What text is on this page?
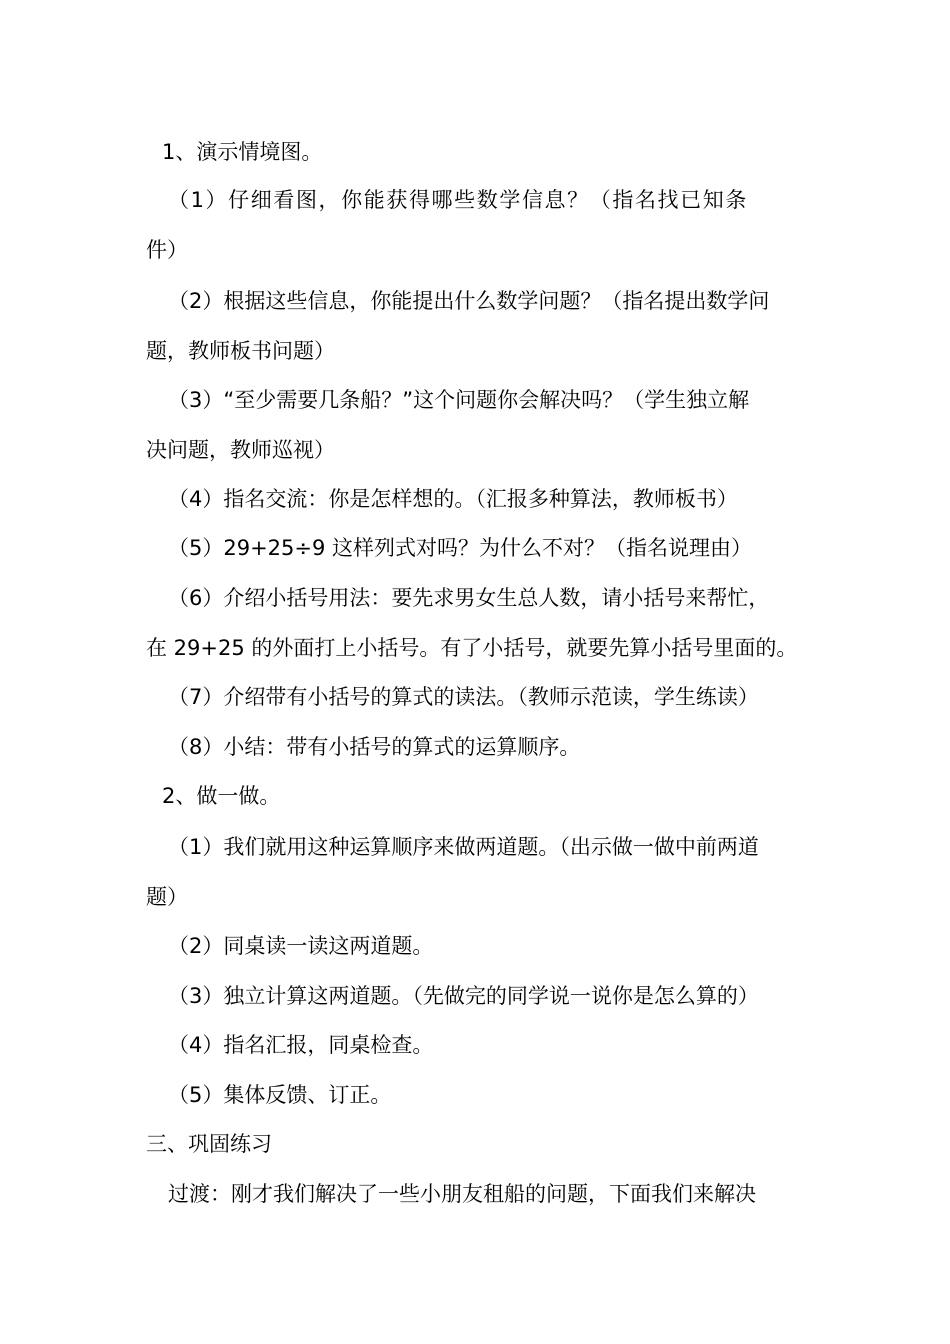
1、演示情境图。
（1）仔细看图，你能获得哪些数学信息？（指名找已知条
件）
（2）根据这些信息，你能提出什么数学问题？（指名提出数学问
题，教师板书问题）
（3）“至少需要几条船？”这个问题你会解决吗？（学生独立解
决问题，教师巡视）
（4）指名交流：你是怎样想的。（汇报多种算法，教师板书）
（5）29+25÷9 这样列式对吗？为什么不对？（指名说理由）
（6）介绍小括号用法：要先求男女生总人数，请小括号来帮忙，
在 29+25 的外面打上小括号。有了小括号，就要先算小括号里面的。
（7）介绍带有小括号的算式的读法。（教师示范读，学生练读）
（8）小结：带有小括号的算式的运算顺序。
2、做一做。
（1）我们就用这种运算顺序来做两道题。（出示做一做中前两道
题）
（2）同桌读一读这两道题。
（3）独立计算这两道题。（先做完的同学说一说你是怎么算的）
（4）指名汇报，同桌检查。
（5）集体反馈、订正。
三、巩固练习
过渡：刚才我们解决了一些小朋友租船的问题，下面我们来解决
